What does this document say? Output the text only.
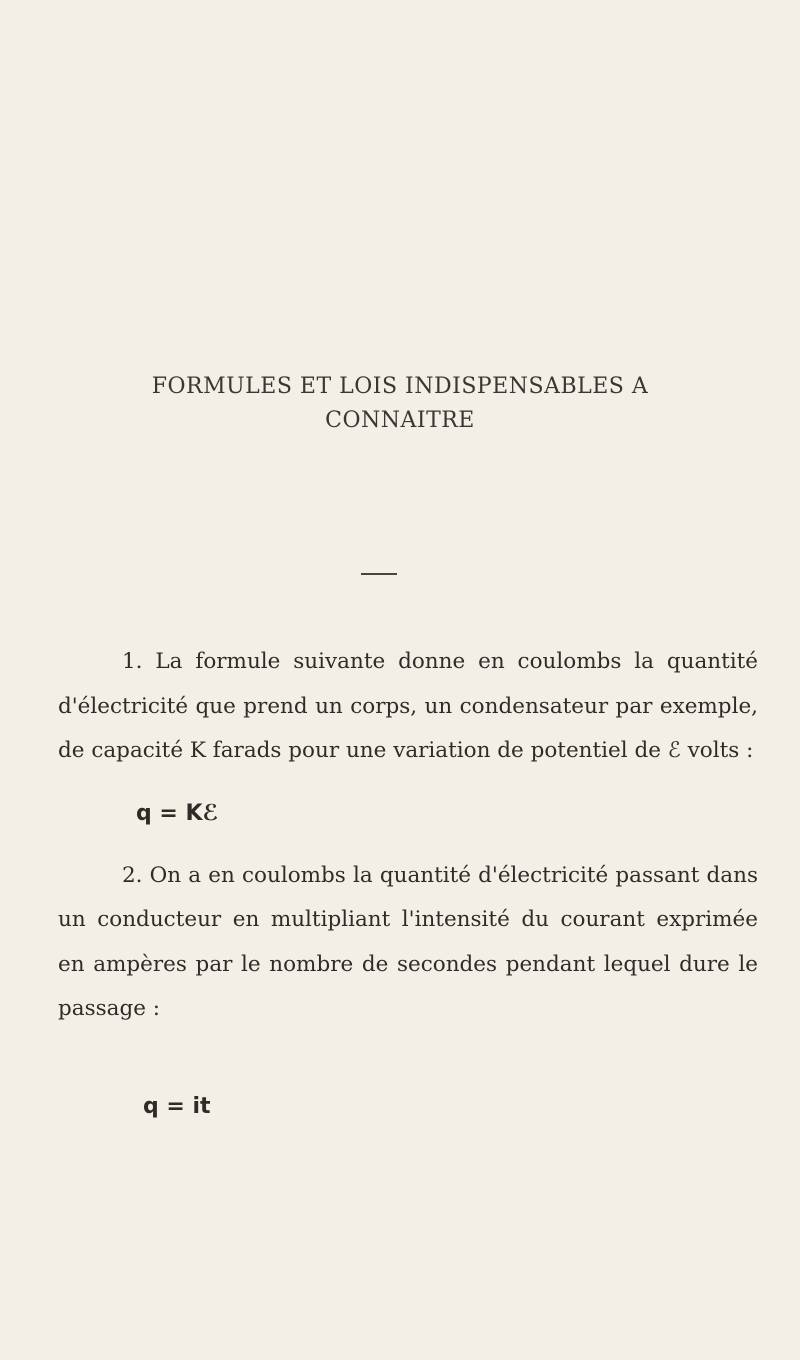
FORMULES ET LOIS INDISPENSABLES A
CONNAITRE

1. La formule suivante donne en coulombs la quantité d'électricité que prend un corps, un condensateur par exemple, de capacité K farads pour une variation de potentiel de ℰ volts :

q = Kℰ

2. On a en coulombs la quantité d'électricité passant dans un conducteur en multipliant l'intensité du courant exprimée en ampères par le nombre de secondes pendant lequel dure le passage :

q = it
